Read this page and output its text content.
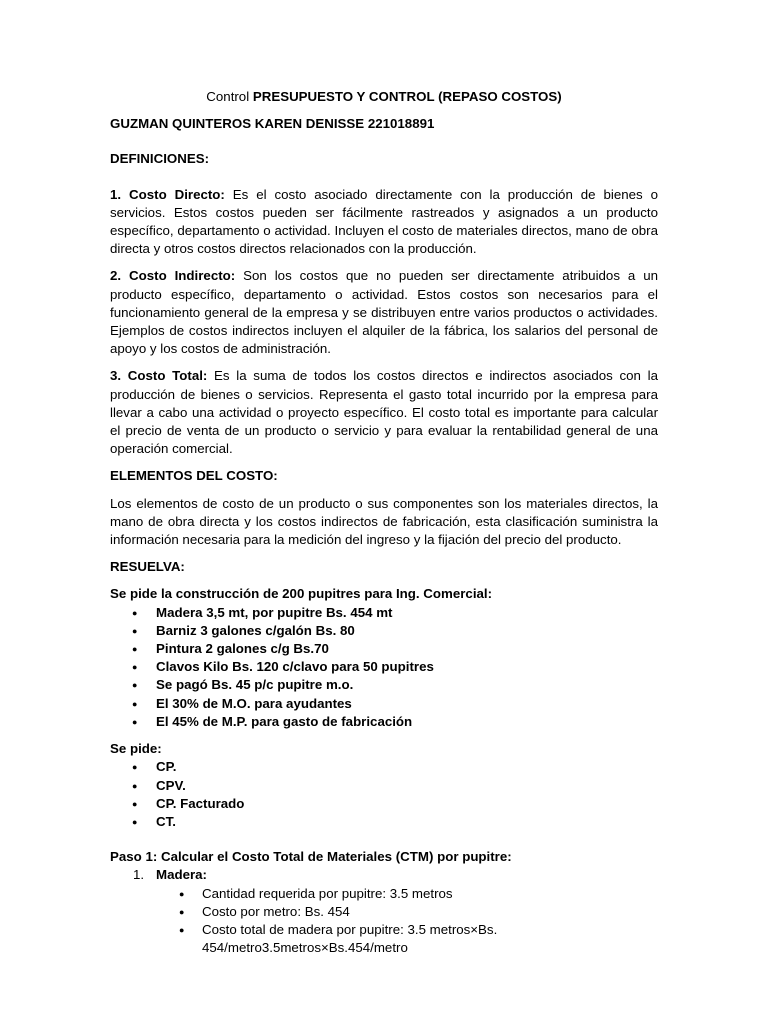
Control PRESUPUESTO Y CONTROL (REPASO COSTOS)

GUZMAN QUINTEROS KAREN DENISSE 221018891

DEFINICIONES:

1. Costo Directo: Es el costo asociado directamente con la producción de bienes o servicios. Estos costos pueden ser fácilmente rastreados y asignados a un producto específico, departamento o actividad. Incluyen el costo de materiales directos, mano de obra directa y otros costos directos relacionados con la producción.

2. Costo Indirecto: Son los costos que no pueden ser directamente atribuidos a un producto específico, departamento o actividad. Estos costos son necesarios para el funcionamiento general de la empresa y se distribuyen entre varios productos o actividades. Ejemplos de costos indirectos incluyen el alquiler de la fábrica, los salarios del personal de apoyo y los costos de administración.

3. Costo Total: Es la suma de todos los costos directos e indirectos asociados con la producción de bienes o servicios. Representa el gasto total incurrido por la empresa para llevar a cabo una actividad o proyecto específico. El costo total es importante para calcular el precio de venta de un producto o servicio y para evaluar la rentabilidad general de una operación comercial.

ELEMENTOS DEL COSTO:

Los elementos de costo de un producto o sus componentes son los materiales directos, la mano de obra directa y los costos indirectos de fabricación, esta clasificación suministra la información necesaria para la medición del ingreso y la fijación del precio del producto.

RESUELVA:

Se pide la construcción de 200 pupitres para Ing. Comercial:

● Madera 3,5 mt, por pupitre Bs. 454 mt
● Barniz 3 galones c/galón Bs. 80
● Pintura 2 galones c/g Bs.70
● Clavos Kilo Bs. 120 c/clavo para 50 pupitres
● Se pagó Bs. 45 p/c pupitre m.o.
● El 30% de M.O. para ayudantes
● El 45% de M.P. para gasto de fabricación

Se pide:

● CP.
● CPV.
● CP. Facturado
● CT.

Paso 1: Calcular el Costo Total de Materiales (CTM) por pupitre:

1. Madera:
● Cantidad requerida por pupitre: 3.5 metros
● Costo por metro: Bs. 454
● Costo total de madera por pupitre: 3.5 metros×Bs. 454/metro3.5metros×Bs.454/metro
